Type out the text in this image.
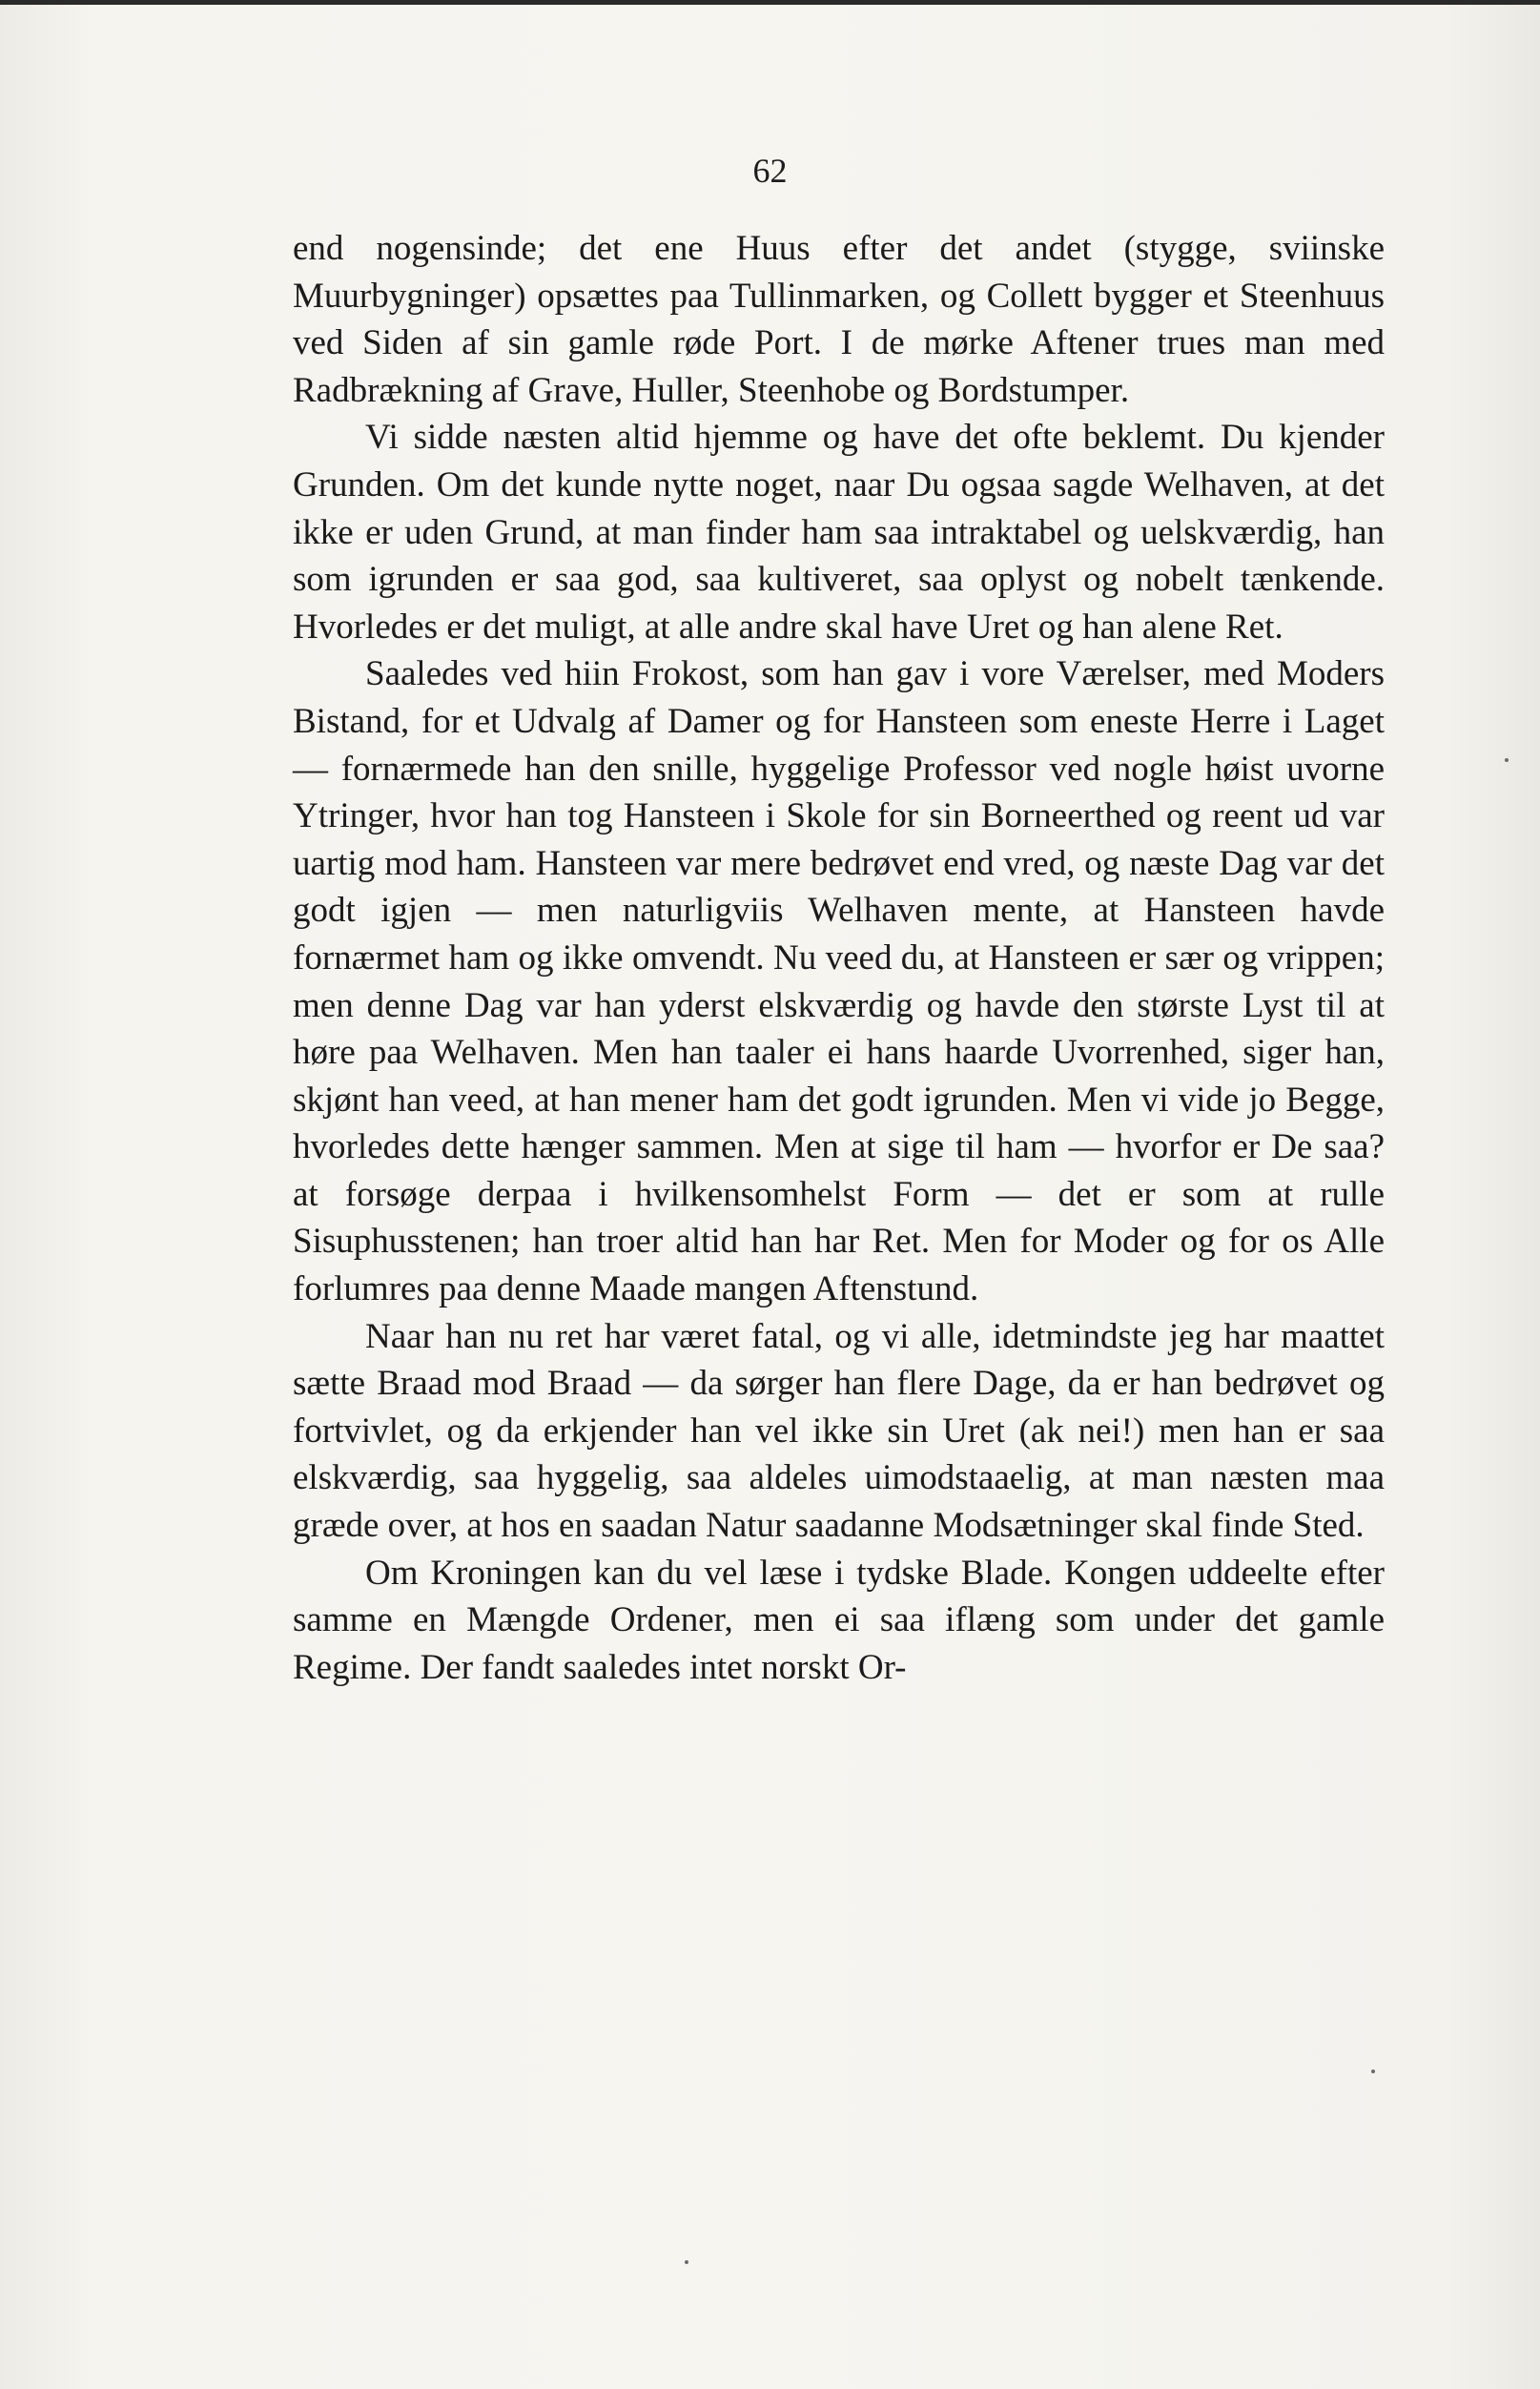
62

end nogensinde; det ene Huus efter det andet (stygge, sviinske Muurbygninger) opsættes paa Tullinmarken, og Collett bygger et Steenhuus ved Siden af sin gamle røde Port. I de mørke Aftener trues man med Radbrækning af Grave, Huller, Steenhobe og Bordstumper.

Vi sidde næsten altid hjemme og have det ofte beklemt. Du kjender Grunden. Om det kunde nytte noget, naar Du ogsaa sagde Welhaven, at det ikke er uden Grund, at man finder ham saa intraktabel og uelskværdig, han som igrunden er saa god, saa kultiveret, saa oplyst og nobelt tænkende. Hvorledes er det muligt, at alle andre skal have Uret og han alene Ret.

Saaledes ved hiin Frokost, som han gav i vore Værelser, med Moders Bistand, for et Udvalg af Damer og for Hansteen som eneste Herre i Laget — fornærmede han den snille, hyggelige Professor ved nogle høist uvorne Ytringer, hvor han tog Hansteen i Skole for sin Borneerthed og reent ud var uartig mod ham. Hansteen var mere bedrøvet end vred, og næste Dag var det godt igjen — men naturligviis Welhaven mente, at Hansteen havde fornærmet ham og ikke omvendt. Nu veed du, at Hansteen er sær og vrippen; men denne Dag var han yderst elskværdig og havde den største Lyst til at høre paa Welhaven. Men han taaler ei hans haarde Uvorrenhed, siger han, skjønt han veed, at han mener ham det godt igrunden. Men vi vide jo Begge, hvorledes dette hænger sammen. Men at sige til ham — hvorfor er De saa? at forsøge derpaa i hvilkensomhelst Form — det er som at rulle Sisuphusstenen; han troer altid han har Ret. Men for Moder og for os Alle forlumres paa denne Maade mangen Aftenstund.

Naar han nu ret har været fatal, og vi alle, idetmindste jeg har maattet sætte Braad mod Braad — da sørger han flere Dage, da er han bedrøvet og fortvivlet, og da erkjender han vel ikke sin Uret (ak nei!) men han er saa elskværdig, saa hyggelig, saa aldeles uimodstaaelig, at man næsten maa græde over, at hos en saadan Natur saadanne Modsætninger skal finde Sted.

Om Kroningen kan du vel læse i tydske Blade. Kongen uddeelte efter samme en Mængde Ordener, men ei saa iflæng som under det gamle Regime. Der fandt saaledes intet norskt Or-
